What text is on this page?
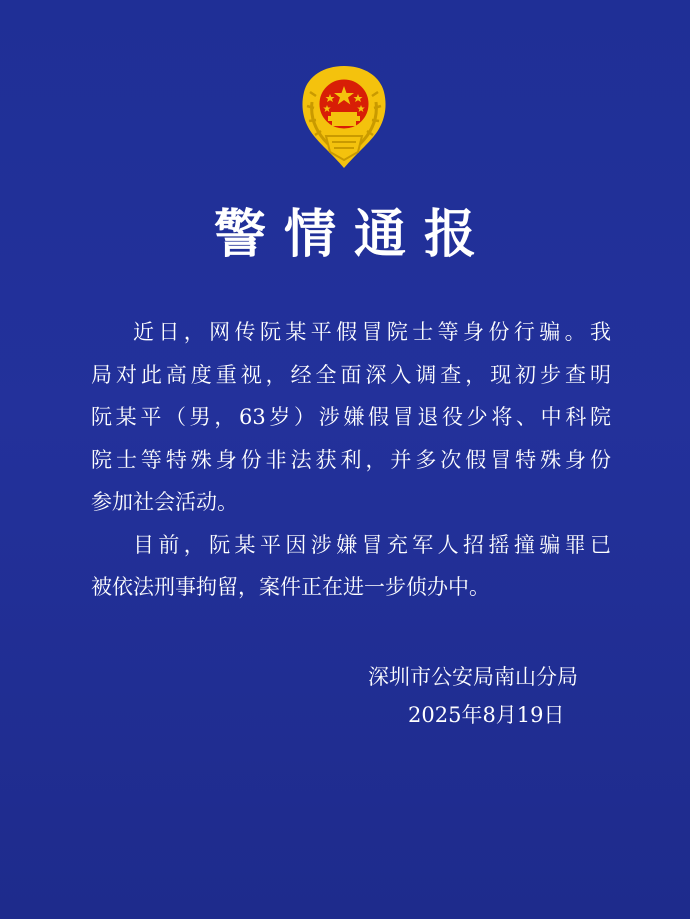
警情通报
近日，网传阮某平假冒院士等身份行骗。我
局对此高度重视，经全面深入调查，现初步查明
阮某平（男，63岁）涉嫌假冒退役少将、中科院
院士等特殊身份非法获利，并多次假冒特殊身份
参加社会活动。
目前，阮某平因涉嫌冒充军人招摇撞骗罪已
被依法刑事拘留，案件正在进一步侦办中。
深圳市公安局南山分局
2025年8月19日
